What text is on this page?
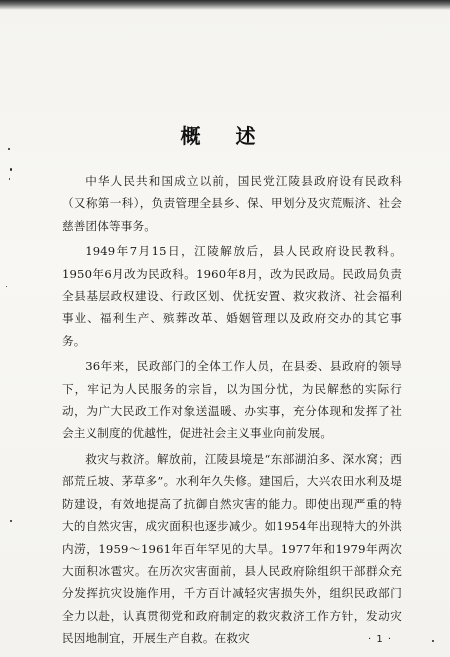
概 述

中华人民共和国成立以前，国民党江陵县政府设有民政科（又称第一科），负责管理全县乡、保、甲划分及灾荒赈济、社会慈善团体等事务。

1949年7月15日，江陵解放后，县人民政府设民教科。1950年6月改为民政科。1960年8月，改为民政局。民政局负责全县基层政权建设、行政区划、优抚安置、救灾救济、社会福利事业、福利生产、殡葬改革、婚姻管理以及政府交办的其它事务。

36年来，民政部门的全体工作人员，在县委、县政府的领导下，牢记为人民服务的宗旨，以为国分忧，为民解愁的实际行动，为广大民政工作对象送温暖、办实事，充分体现和发挥了社会主义制度的优越性，促进社会主义事业向前发展。

救灾与救济。解放前，江陵县境是“东部湖泊多、深水窝；西部荒丘坡、茅草多”。水利年久失修。建国后，大兴农田水利及堤防建设，有效地提高了抗御自然灾害的能力。即使出现严重的特大的自然灾害，成灾面积也逐步减少。如1954年出现特大的外洪内涝，1959～1961年百年罕见的大旱。1977年和1979年两次大面积冰雹灾。在历次灾害面前，县人民政府除组织干部群众充分发挥抗灾设施作用，千方百计减轻灾害损失外，组织民政部门全力以赴，认真贯彻党和政府制定的救灾救济工作方针，发动灾民因地制宜，开展生产自救。在救灾	· 1 ·
